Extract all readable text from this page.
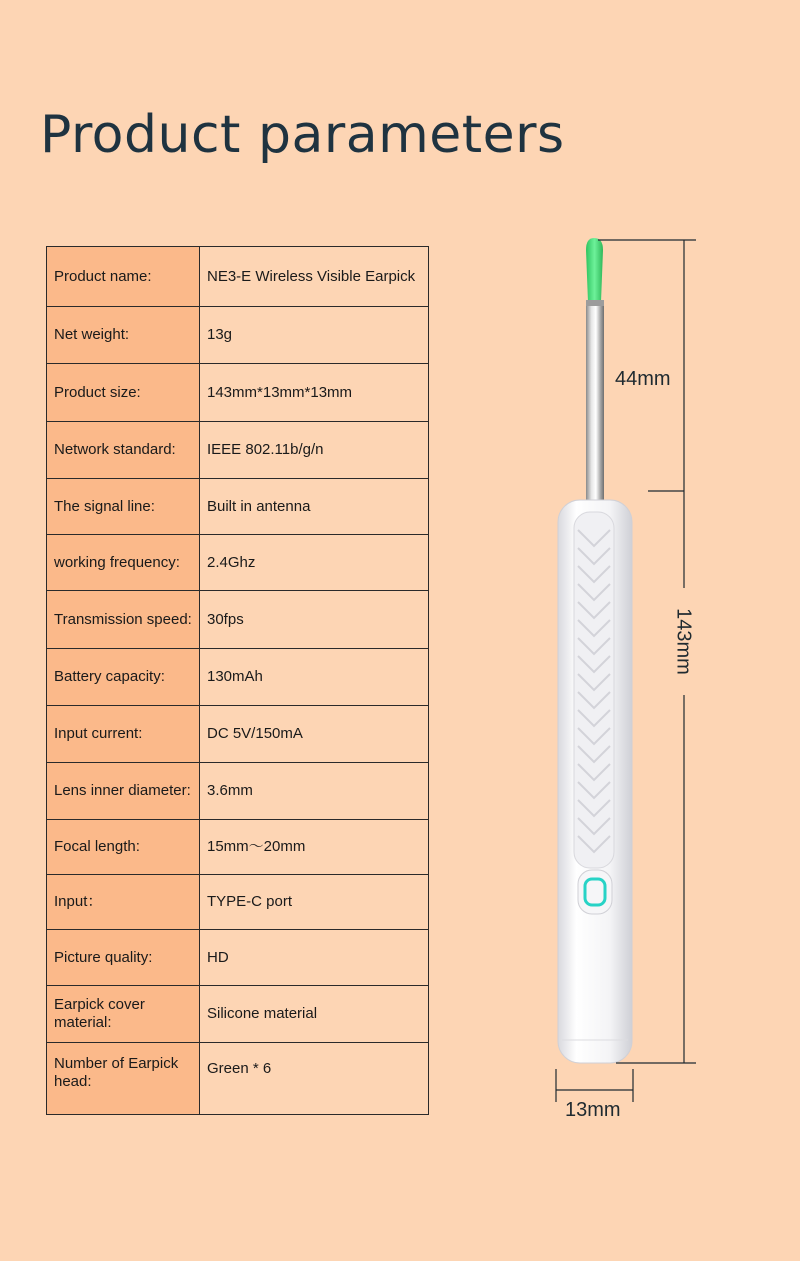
Product parameters
Product name:	NE3-E Wireless Visible Earpick
Net weight:	13g
Product size:	143mm*13mm*13mm
Network standard:	IEEE 802.11b/g/n
The signal line:	Built in antenna
working frequency:	2.4Ghz
Transmission speed:	30fps
Battery capacity:	130mAh
Input current:	DC 5V/150mA
Lens inner diameter:	3.6mm
Focal length:	15mm～20mm
Input：	TYPE-C port
Picture quality:	HD
Earpick cover material:	Silicone material
Number of Earpick head:	Green * 6
44mm
143mm
13mm
